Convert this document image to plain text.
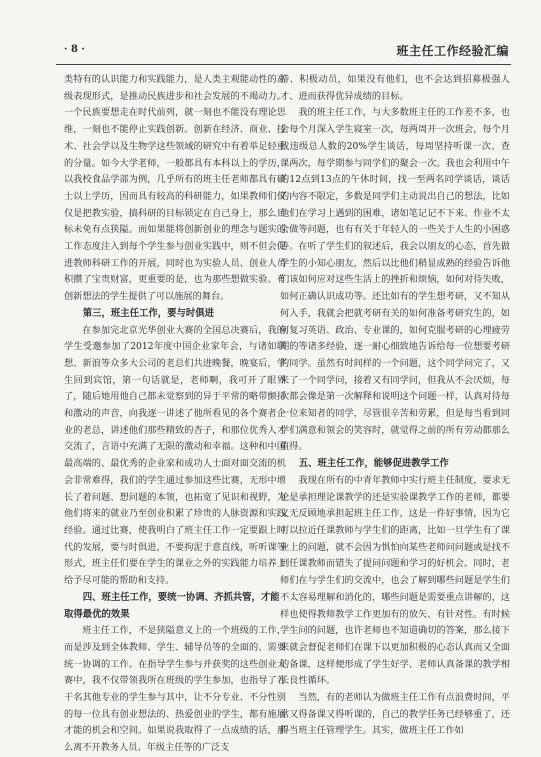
· 8 ·	班主任工作经验汇编

类特有的认识能力和实践能力，是人类主观能动性的高级表现形式，是推动民族进步和社会发展的不竭动力。一个民族要想走在时代前列，就一刻也不能没有理论思维，一刻也不能停止实践创新。创新在经济、商业、技术、社会学以及生物学这些领域的研究中有着举足轻重的分量。如今大学老师，一般都具有本科以上的学历，以我校食品学部为例，几乎所有的班主任老师都具有硕士以上学历，因而具有较高的科研能力，如果教师们仅仅是把教实验，搞科研的目标锁定在自己身上，那么目标未免有点狭隘。而如果能将创新创业的理念与题实的工作态度注入到每个学生参与创业实践中，则不但会促进教师科研工作的开展，同时也为实验人员、创业人员积攒了宝贵财富，更重要的是，也为那些想做实验、有创新想法的学生提供了可以施展的舞台。

第三，班主任工作，要与时俱进

在参加完北京光华创业大赛的全国总决赛后，我的学生受邀参加了2012年度中国企业家年会，与诸如联想、新浪等众多大公司的老总们共进晚餐，晚宴后，学生回到宾馆，第一句话就是，老师啊，我可开了眼界了，随后她用他自己都未觉察到的异于平常的略带颤抖和激动的声音，向我逐一讲述了他所看见的各个赛者企业的老总，讲述他们那些精致的杏子，和那位优秀人才交流了，言语中充满了无限的激动和幸福。这种和中国最高端的、最优秀的企业家和成功人士面对面交流的机会非常难得，我们的学生通过参加这些比赛，无形中增长了着问题、想问题的本领，也拓宽了见识和视野，为他们将来的就业乃至创业积累了珍贵的人脉资源和实践经验。通过比赛，使我明白了班主任工作一定要跟上时代的发展，要与时俱进，不要拘泥于意直线，听听课等形式，班主任们要在学生的课业之外的实践能力培养上给予尽可能的帮助和支持。

四、班主任工作，要统一协调、齐抓共管，才能
取得最优的效果

班主任工作，不是狭隘意义上的一个班级的工作，而是涉及到全体教师、学生、辅导员等的全面的、需要统一协调的工作。在指导学生参与并获奖的这些创业大赛中，我不仅带领我所在班级的学生参加，也指导了若干名其他专业的学生参与其中，让不分专业、不分性别的每一位具有创业想法的、热爱创业的学生，都有施展才能的机会和空间。如果说我取得了一点成绩的话，那么离不开教务人员、年级主任等的广泛支

持、积极动员，如果没有他们，也不会达到招募极强人才、进而获得优异成绩的目标。

我的班主任工作，与大多数班主任的工作差不多，也会每个月深入学生寝室一次，每两周开一次班会，每个月找违级总人数的20%学生谈话，每周坚持听课一次、查课两次，每学期参与同学们的聚会一次。我也会利用中午的12点到13点的午休时间，找一至两名同学谈话，谈话的内容不限定，多数是同学们主动说出自己的想法，比如他们在学习上遇到的困难，诸如笔记记不下来、作业不太会做等问题，也有有关于年轻人的一些关于人生的小困惑等。在听了学生们的叙述后，我会以朋友的心态，首先做学生的小知心朋友，然后以比他们稍显成熟的经验告诉他们该如何应对这些生活上的挫折和烦恼，如何对待失败，如何正确认识成功等。还比如有的学生想考研，又不知从何入手，我就会把就考研有关的如何准备考研究生的，如何复习英语、政治、专业课的，如何克服考研的心理疲劳期的等诸多经验，逐一耐心细致地告诉给每一位想要考研的同学。虽然有时间样的一个问题，这个同学问完了，又来了一个同学问，接着又有同学问，但我从不会厌烦，每次都会像是第一次解释和说明这个问题一样，认真对待每一位来知者的同学，尽管很辛苦和劳累，但是每当看到同学们满意和领会的笑容时，就觉得之前的所有劳动都那么值得。

五、班主任工作，能够促进教学工作

我现在所有的中青年教师中实行班主任制度，要求无论是承担理论课教学的还是实验课教学工作的老师，都要义无反顾地承担起班主任工作，这是一件好事情，因为它可以拉近任课教师与学生们的距离，比如一旦学生有了课业上的问题，就不会因为惧怕向某些老师问问题或是找不到任课教师而错失了提问问题和学习的好机会。同时，老师们在与学生们的交流中，也会了解到哪些问题是学生们不太容易理解和消化的，哪些问题是需要重点讲解的，这样也使得教师教学工作更加有的放矢、有针对性。有时候学生问的问题，也许老师也不知道确切的答案，那么接下来就会督促老师们在课下以更加积极的心态认真而又全面的备课，这样便形成了学生好学、老师认真备课的教学相长良性循环。

当然，有的老师认为做班主任工作有点浪费时间，平常又得备课又得听课的，自己的教学任务已经够重了，还得当班主任管理学生。其实，做班主任工作如
